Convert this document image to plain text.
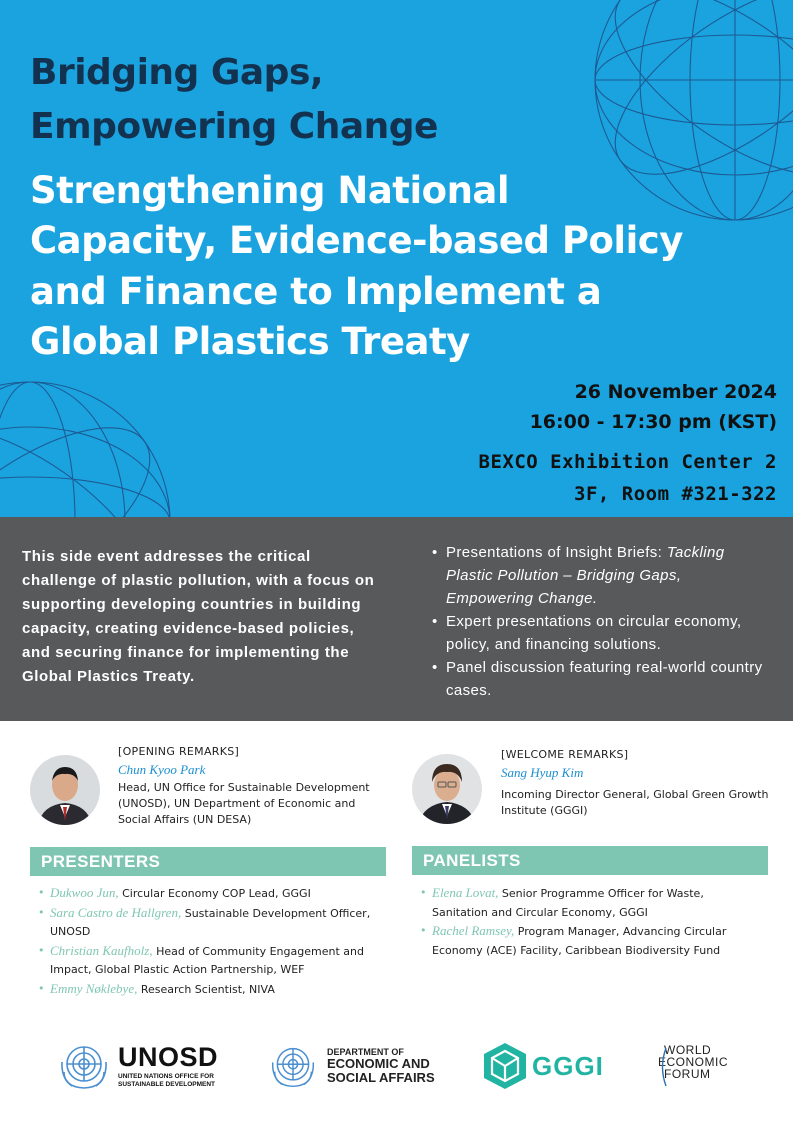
Bridging Gaps,
Empowering Change
Strengthening National
Capacity, Evidence-based Policy
and Finance to Implement a
Global Plastics Treaty
26 November 2024
16:00 - 17:30 pm (KST)
BEXCO Exhibition Center 2
3F, Room #321-322

This side event addresses the critical challenge of plastic pollution, with a focus on supporting developing countries in building capacity, creating evidence-based policies, and securing finance for implementing the Global Plastics Treaty.

• Presentations of Insight Briefs: Tackling Plastic Pollution – Bridging Gaps, Empowering Change.
• Expert presentations on circular economy, policy, and financing solutions.
• Panel discussion featuring real-world country cases.
[OPENING REMARKS]
Chun Kyoo Park
Head, UN Office for Sustainable Development (UNOSD), UN Department of Economic and Social Affairs (UN DESA)
[WELCOME REMARKS]
Sang Hyup Kim
Incoming Director General, Global Green Growth Institute (GGGI)
PRESENTERS
• Dukwoo Jun, Circular Economy COP Lead, GGGI
• Sara Castro de Hallgren, Sustainable Development Officer, UNOSD
• Christian Kaufholz, Head of Community Engagement and Impact, Global Plastic Action Partnership, WEF
• Emmy Nøklebye, Research Scientist, NIVA
PANELISTS
• Elena Lovat, Senior Programme Officer for Waste, Sanitation and Circular Economy, GGGI
• Rachel Ramsey, Program Manager, Advancing Circular Economy (ACE) Facility, Caribbean Biodiversity Fund
UNOSD
UNITED NATIONS OFFICE FOR
SUSTAINABLE DEVELOPMENT
DEPARTMENT OF
ECONOMIC AND
SOCIAL AFFAIRS	GGGI
WORLD
ECONOMIC
FORUM
